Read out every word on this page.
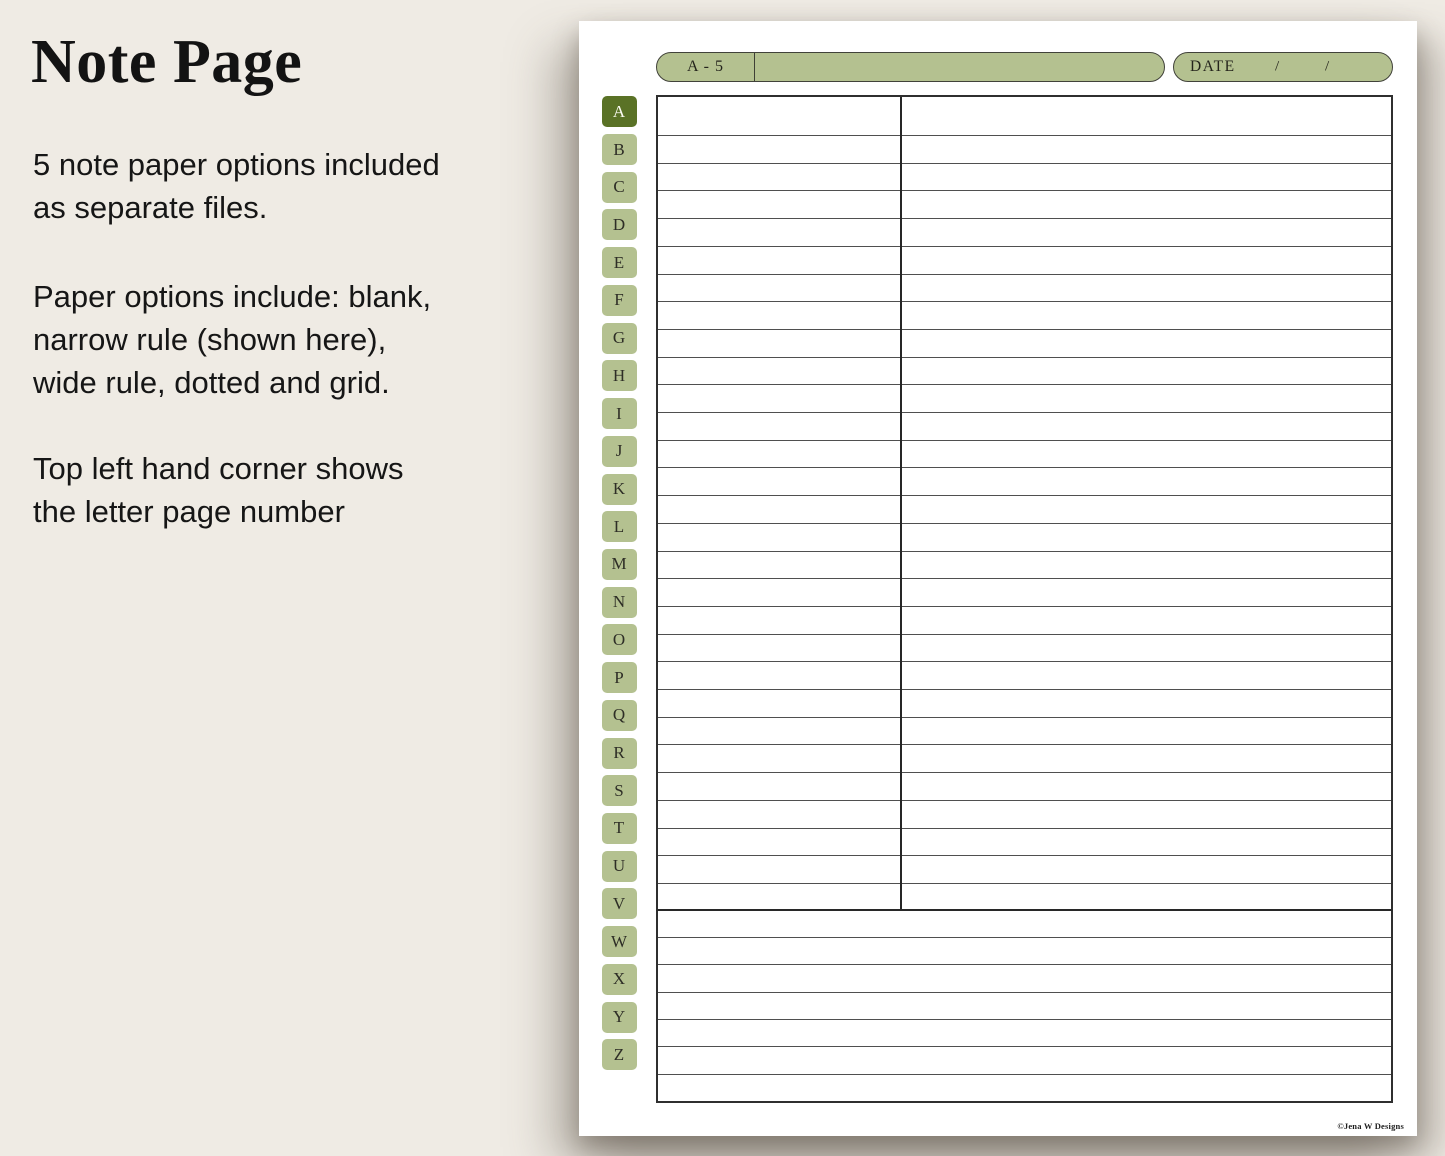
Note Page

5 note paper options included
as separate files.

Paper options include: blank,
narrow rule (shown here),
wide rule, dotted and grid.

Top left hand corner shows
the letter page number

A - 5	DATE	/	/
A
B
C
D
E
F
G
H
I
J
K
L
M
N
O
P
Q
R
S
T
U
V
W
X
Y
Z
©Jena W Designs
